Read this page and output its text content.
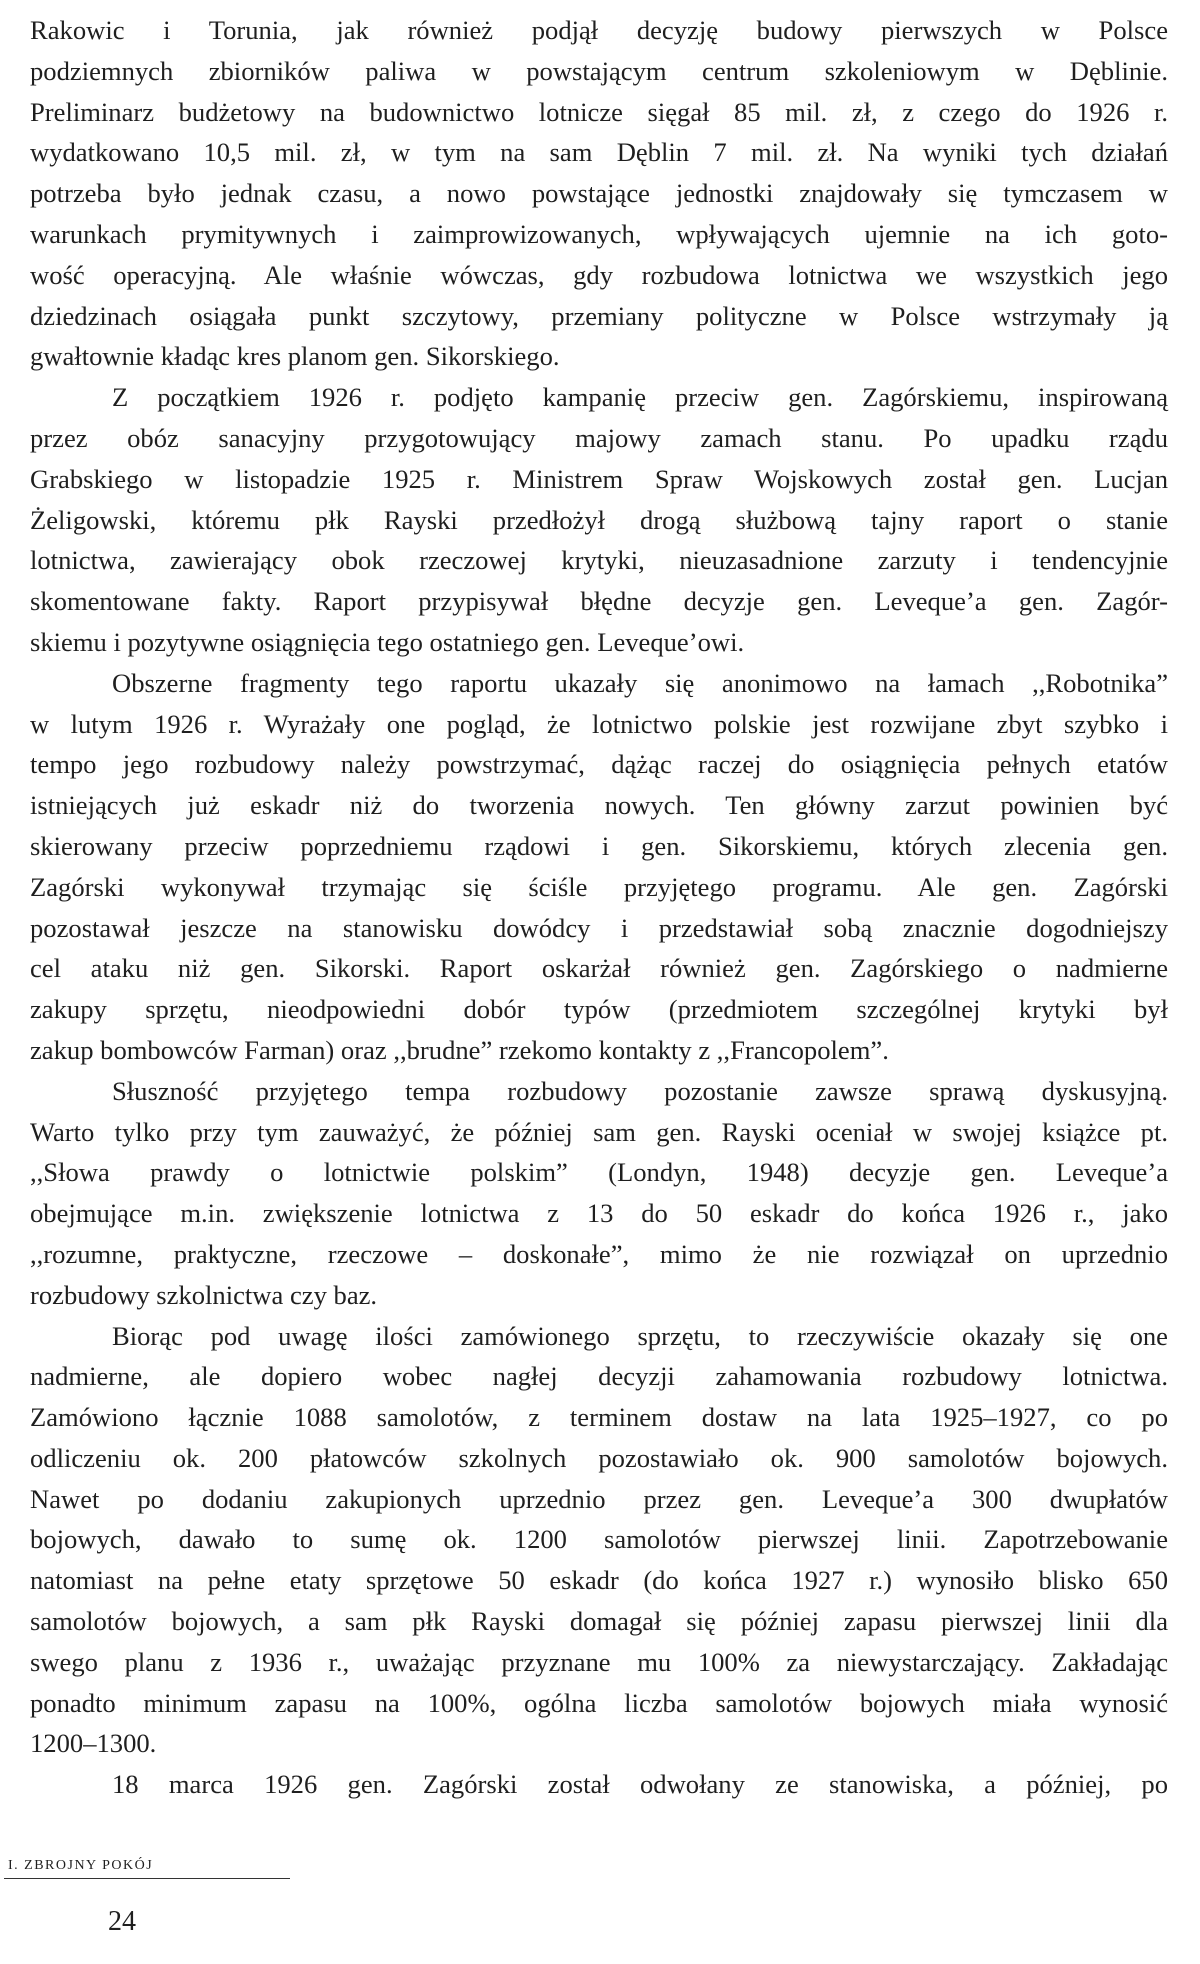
Rakowic i Torunia, jak również podjął decyzję budowy pierwszych w Polsce
podziemnych zbiorników paliwa w powstającym centrum szkoleniowym w Dęblinie.
Preliminarz budżetowy na budownictwo lotnicze sięgał 85 mil. zł, z czego do 1926 r.
wydatkowano 10,5 mil. zł, w tym na sam Dęblin 7 mil. zł. Na wyniki tych działań
potrzeba było jednak czasu, a nowo powstające jednostki znajdowały się tymczasem w
warunkach prymitywnych i zaimprowizowanych, wpływających ujemnie na ich goto-
wość operacyjną. Ale właśnie wówczas, gdy rozbudowa lotnictwa we wszystkich jego
dziedzinach osiągała punkt szczytowy, przemiany polityczne w Polsce wstrzymały ją
gwałtownie kładąc kres planom gen. Sikorskiego.
Z początkiem 1926 r. podjęto kampanię przeciw gen. Zagórskiemu, inspirowaną
przez obóz sanacyjny przygotowujący majowy zamach stanu. Po upadku rządu
Grabskiego w listopadzie 1925 r. Ministrem Spraw Wojskowych został gen. Lucjan
Żeligowski, któremu płk Rayski przedłożył drogą służbową tajny raport o stanie
lotnictwa, zawierający obok rzeczowej krytyki, nieuzasadnione zarzuty i tendencyjnie
skomentowane fakty. Raport przypisywał błędne decyzje gen. Leveque’a gen. Zagór-
skiemu i pozytywne osiągnięcia tego ostatniego gen. Leveque’owi.
Obszerne fragmenty tego raportu ukazały się anonimowo na łamach ,,Robotnika”
w lutym 1926 r. Wyrażały one pogląd, że lotnictwo polskie jest rozwijane zbyt szybko i
tempo jego rozbudowy należy powstrzymać, dążąc raczej do osiągnięcia pełnych etatów
istniejących już eskadr niż do tworzenia nowych. Ten główny zarzut powinien być
skierowany przeciw poprzedniemu rządowi i gen. Sikorskiemu, których zlecenia gen.
Zagórski wykonywał trzymając się ściśle przyjętego programu. Ale gen. Zagórski
pozostawał jeszcze na stanowisku dowódcy i przedstawiał sobą znacznie dogodniejszy
cel ataku niż gen. Sikorski. Raport oskarżał również gen. Zagórskiego o nadmierne
zakupy sprzętu, nieodpowiedni dobór typów (przedmiotem szczególnej krytyki był
zakup bombowców Farman) oraz ,,brudne” rzekomo kontakty z ,,Francopolem”.
Słuszność przyjętego tempa rozbudowy pozostanie zawsze sprawą dyskusyjną.
Warto tylko przy tym zauważyć, że później sam gen. Rayski oceniał w swojej książce pt.
,,Słowa prawdy o lotnictwie polskim” (Londyn, 1948) decyzje gen. Leveque’a
obejmujące m.in. zwiększenie lotnictwa z 13 do 50 eskadr do końca 1926 r., jako
,,rozumne, praktyczne, rzeczowe – doskonałe”, mimo że nie rozwiązał on uprzednio
rozbudowy szkolnictwa czy baz.
Biorąc pod uwagę ilości zamówionego sprzętu, to rzeczywiście okazały się one
nadmierne, ale dopiero wobec nagłej decyzji zahamowania rozbudowy lotnictwa.
Zamówiono łącznie 1088 samolotów, z terminem dostaw na lata 1925–1927, co po
odliczeniu ok. 200 płatowców szkolnych pozostawiało ok. 900 samolotów bojowych.
Nawet po dodaniu zakupionych uprzednio przez gen. Leveque’a 300 dwupłatów
bojowych, dawało to sumę ok. 1200 samolotów pierwszej linii. Zapotrzebowanie
natomiast na pełne etaty sprzętowe 50 eskadr (do końca 1927 r.) wynosiło blisko 650
samolotów bojowych, a sam płk Rayski domagał się później zapasu pierwszej linii dla
swego planu z 1936 r., uważając przyznane mu 100% za niewystarczający. Zakładając
ponadto minimum zapasu na 100%, ogólna liczba samolotów bojowych miała wynosić
1200–1300.
18 marca 1926 gen. Zagórski został odwołany ze stanowiska, a później, po
I. ZBROJNY POKÓJ
24
